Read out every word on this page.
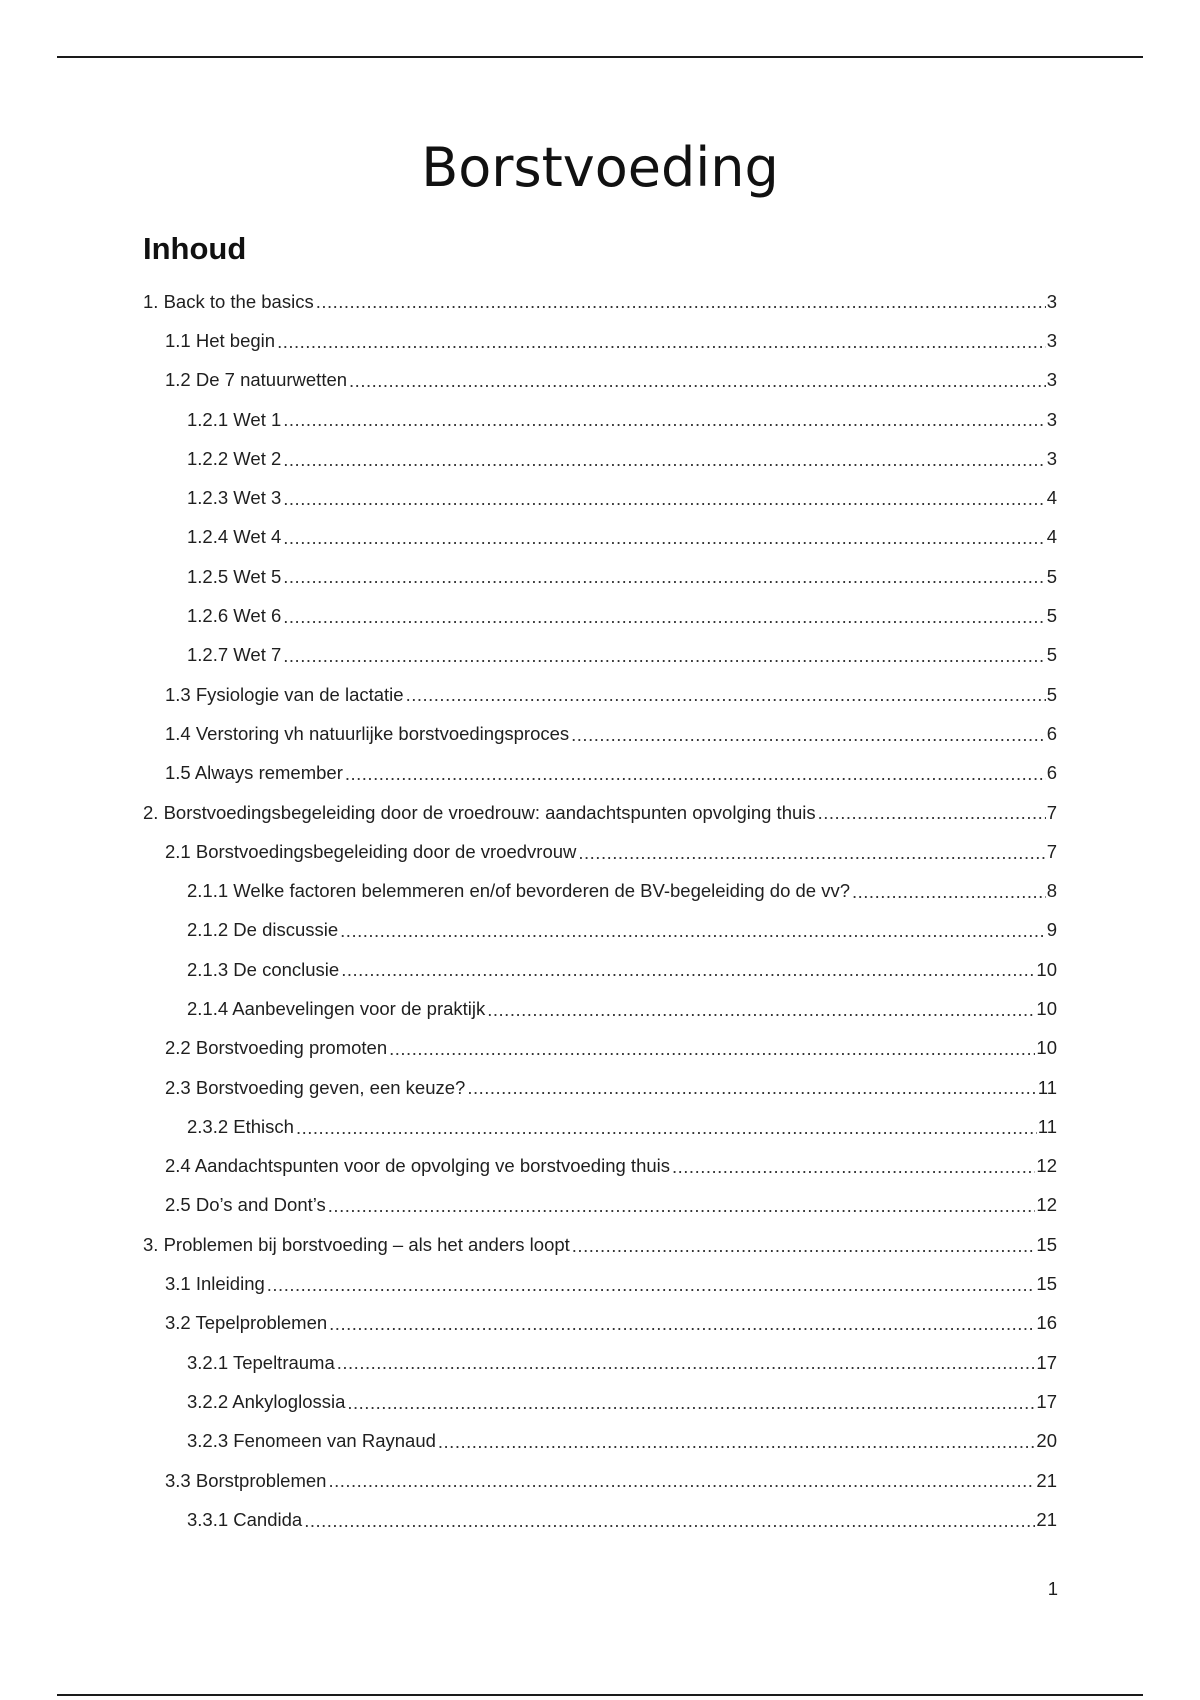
Borstvoeding
Inhoud
1. Back to the basics .....	3
1.1 Het begin .....	3
1.2 De 7 natuurwetten .....	3
1.2.1 Wet 1 .....	3
1.2.2 Wet 2 .....	3
1.2.3 Wet 3 .....	4
1.2.4 Wet 4 .....	4
1.2.5 Wet 5 .....	5
1.2.6 Wet 6 .....	5
1.2.7 Wet 7 .....	5
1.3 Fysiologie van de lactatie .....	5
1.4 Verstoring vh natuurlijke borstvoedingsproces .....	6
1.5 Always remember .....	6
2. Borstvoedingsbegeleiding door de vroedrouw: aandachtspunten opvolging thuis .....	7
2.1 Borstvoedingsbegeleiding door de vroedvrouw .....	7
2.1.1 Welke factoren belemmeren en/of bevorderen de BV-begeleiding do de vv? .....	8
2.1.2 De discussie .....	9
2.1.3 De conclusie .....	10
2.1.4 Aanbevelingen voor de praktijk .....	10
2.2 Borstvoeding promoten .....	10
2.3 Borstvoeding geven, een keuze? .....	11
2.3.2 Ethisch .....	11
2.4 Aandachtspunten voor de opvolging ve borstvoeding thuis .....	12
2.5 Do’s and Dont’s .....	12
3. Problemen bij borstvoeding – als het anders loopt .....	15
3.1 Inleiding .....	15
3.2 Tepelproblemen .....	16
3.2.1 Tepeltrauma .....	17
3.2.2 Ankyloglossia .....	17
3.2.3 Fenomeen van Raynaud .....	20
3.3 Borstproblemen .....	21
3.3.1 Candida .....	21
1
